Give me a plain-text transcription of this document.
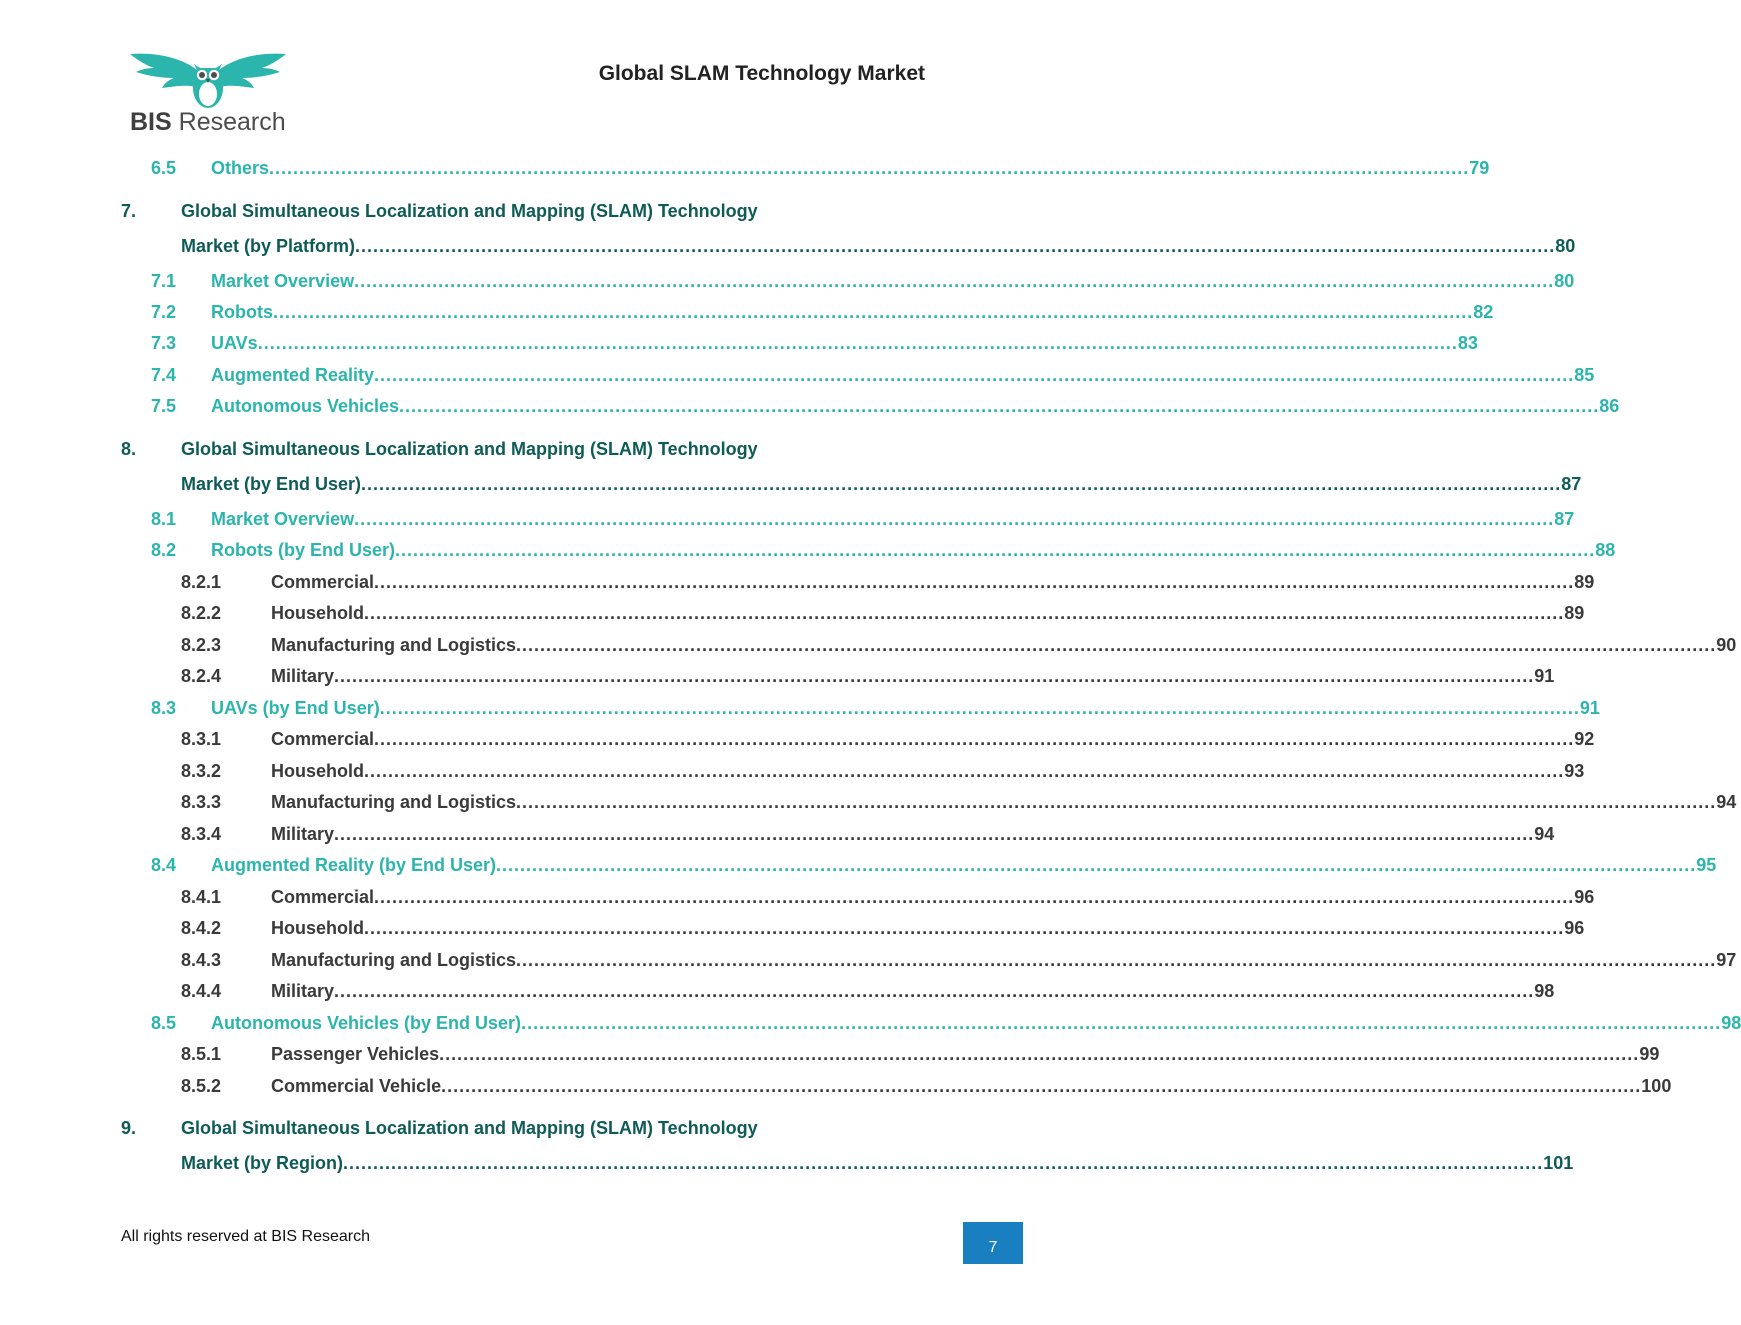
BIS Research
Global SLAM Technology Market
6.5 Others ........................................................................................................................................................................................................ 79
7. Global Simultaneous Localization and Mapping (SLAM) Technology
Market (by Platform) ........................................................................................................................................................................................................ 80
7.1 Market Overview ........................................................................................................................................................................................................ 80
7.2 Robots ........................................................................................................................................................................................................ 82
7.3 UAVs ........................................................................................................................................................................................................ 83
7.4 Augmented Reality ........................................................................................................................................................................................................ 85
7.5 Autonomous Vehicles ........................................................................................................................................................................................................ 86
8. Global Simultaneous Localization and Mapping (SLAM) Technology
Market (by End User) ........................................................................................................................................................................................................ 87
8.1 Market Overview ........................................................................................................................................................................................................ 87
8.2 Robots (by End User) ........................................................................................................................................................................................................ 88
8.2.1	Commercial ........................................................................................................................................................................................................ 89
8.2.2	Household ........................................................................................................................................................................................................ 89
8.2.3	Manufacturing and Logistics ........................................................................................................................................................................................................ 90
8.2.4	Military ........................................................................................................................................................................................................ 91
8.3 UAVs (by End User) ........................................................................................................................................................................................................ 91
8.3.1	Commercial ........................................................................................................................................................................................................ 92
8.3.2	Household ........................................................................................................................................................................................................ 93
8.3.3	Manufacturing and Logistics ........................................................................................................................................................................................................ 94
8.3.4	Military ........................................................................................................................................................................................................ 94
8.4 Augmented Reality (by End User) ........................................................................................................................................................................................................ 95
8.4.1	Commercial ........................................................................................................................................................................................................ 96
8.4.2	Household ........................................................................................................................................................................................................ 96
8.4.3	Manufacturing and Logistics ........................................................................................................................................................................................................ 97
8.4.4	Military ........................................................................................................................................................................................................ 98
8.5 Autonomous Vehicles (by End User) ........................................................................................................................................................................................................ 98
8.5.1	Passenger Vehicles ........................................................................................................................................................................................................ 99
8.5.2	Commercial Vehicle ........................................................................................................................................................................................................ 100
9. Global Simultaneous Localization and Mapping (SLAM) Technology
Market (by Region) ........................................................................................................................................................................................................ 101
All rights reserved at BIS Research
7
